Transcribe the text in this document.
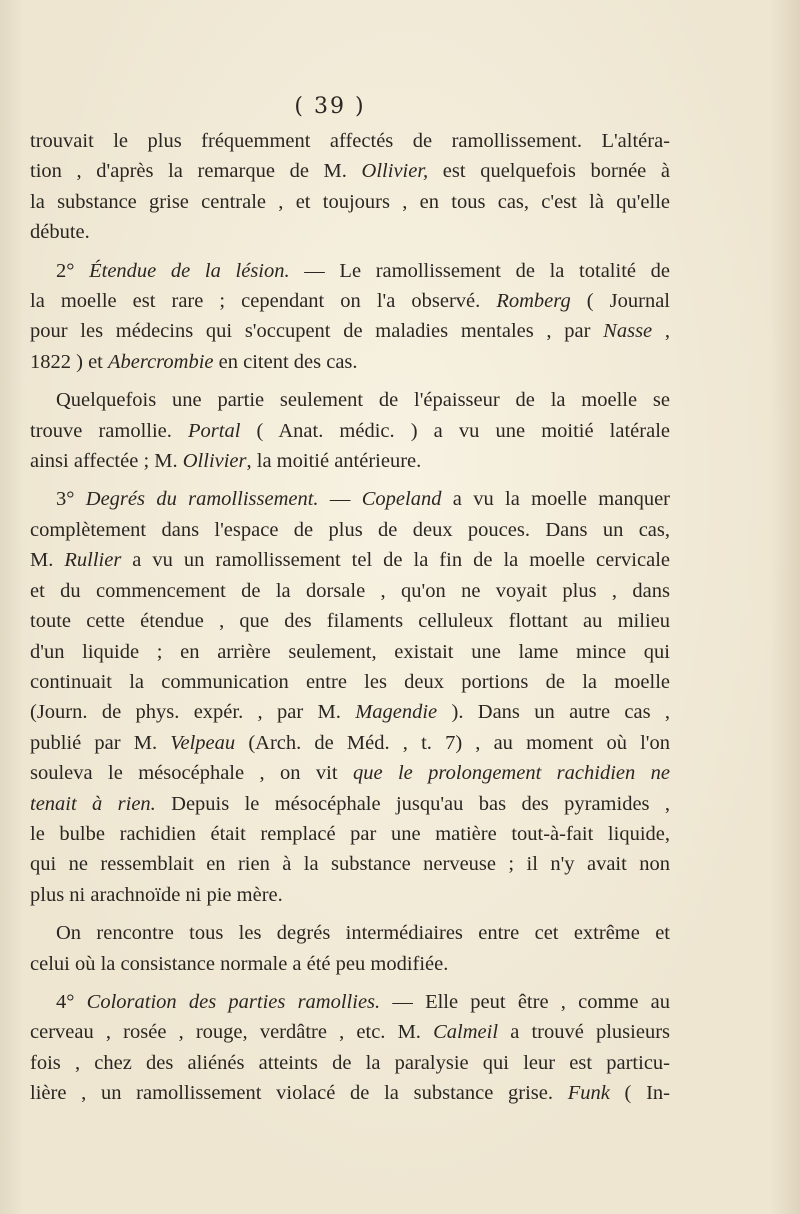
( 39 )
trouvait le plus fréquemment affectés de ramollissement. L'altéra-
tion , d'après la remarque de M. Ollivier, est quelquefois bornée à
la substance grise centrale , et toujours , en tous cas, c'est là qu'elle
débute.
2° Étendue de la lésion. — Le ramollissement de la totalité de
la moelle est rare ; cependant on l'a observé. Romberg ( Journal
pour les médecins qui s'occupent de maladies mentales , par Nasse ,
1822 ) et Abercrombie en citent des cas.
Quelquefois une partie seulement de l'épaisseur de la moelle se
trouve ramollie. Portal ( Anat. médic. ) a vu une moitié latérale
ainsi affectée ; M. Ollivier, la moitié antérieure.
3° Degrés du ramollissement. — Copeland a vu la moelle manquer
complètement dans l'espace de plus de deux pouces. Dans un cas,
M. Rullier a vu un ramollissement tel de la fin de la moelle cervicale
et du commencement de la dorsale , qu'on ne voyait plus , dans
toute cette étendue , que des filaments celluleux flottant au milieu
d'un liquide ; en arrière seulement, existait une lame mince qui
continuait la communication entre les deux portions de la moelle
(Journ. de phys. expér. , par M. Magendie ). Dans un autre cas ,
publié par M. Velpeau (Arch. de Méd. , t. 7) , au moment où l'on
souleva le mésocéphale , on vit que le prolongement rachidien ne
tenait à rien. Depuis le mésocéphale jusqu'au bas des pyramides ,
le bulbe rachidien était remplacé par une matière tout-à-fait liquide,
qui ne ressemblait en rien à la substance nerveuse ; il n'y avait non
plus ni arachnoïde ni pie mère.
On rencontre tous les degrés intermédiaires entre cet extrême et
celui où la consistance normale a été peu modifiée.
4° Coloration des parties ramollies. — Elle peut être , comme au
cerveau , rosée , rouge, verdâtre , etc. M. Calmeil a trouvé plusieurs
fois , chez des aliénés atteints de la paralysie qui leur est particu-
lière , un ramollissement violacé de la substance grise. Funk ( In-
